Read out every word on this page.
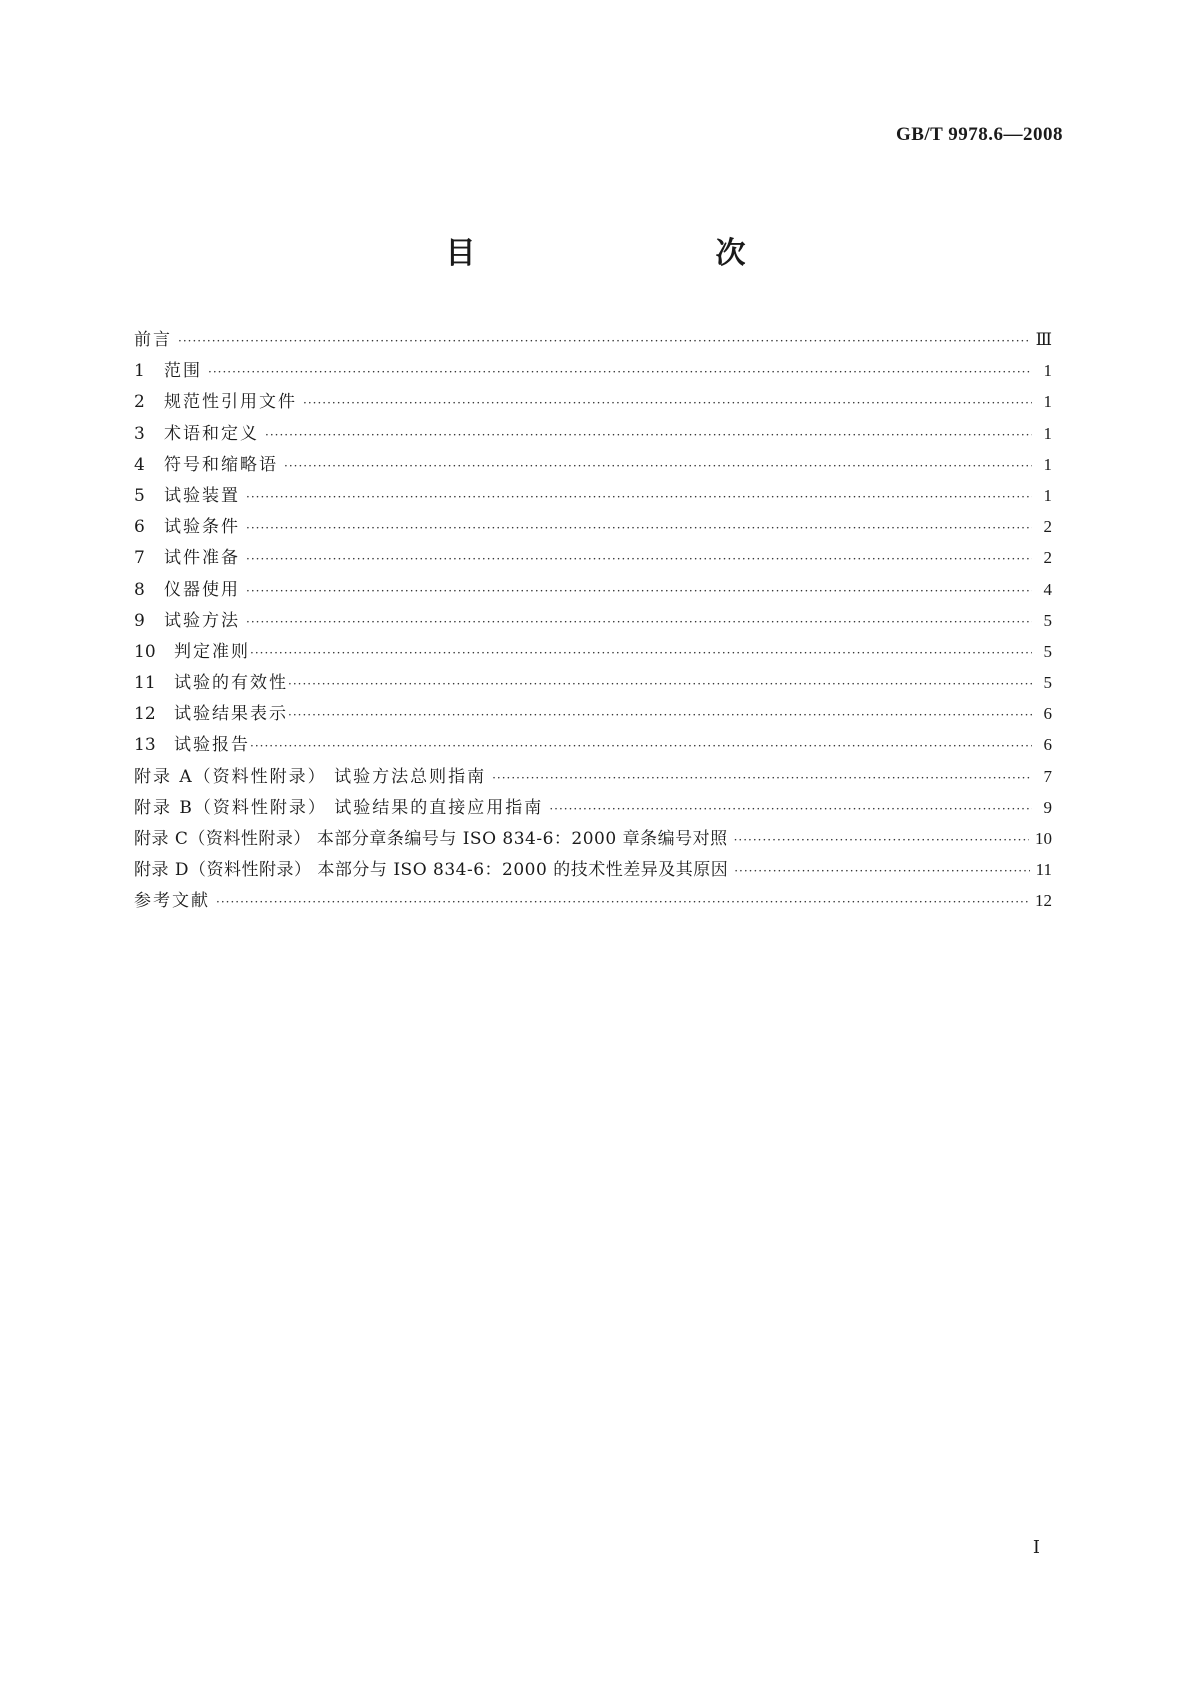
GB/T 9978.6—2008
目　　次
前言 ·····	Ⅲ
1 范围 ·····	1
2 规范性引用文件 ·····	1
3 术语和定义 ·····	1
4 符号和缩略语 ·····	1
5 试验装置 ·····	1
6 试验条件 ·····	2
7 试件准备 ·····	2
8 仪器使用 ·····	4
9 试验方法 ·····	5
10 判定准则 ·····	5
11 试验的有效性 ·····	5
12 试验结果表示 ·····	6
13 试验报告 ·····	6
附录 A（资料性附录） 试验方法总则指南 ·····	7
附录 B（资料性附录） 试验结果的直接应用指南 ·····	9
附录 C（资料性附录） 本部分章条编号与 ISO 834-6：2000 章条编号对照 ·····	10
附录 D（资料性附录） 本部分与 ISO 834-6：2000 的技术性差异及其原因 ·····	11
参考文献 ·····	12
Ⅰ
